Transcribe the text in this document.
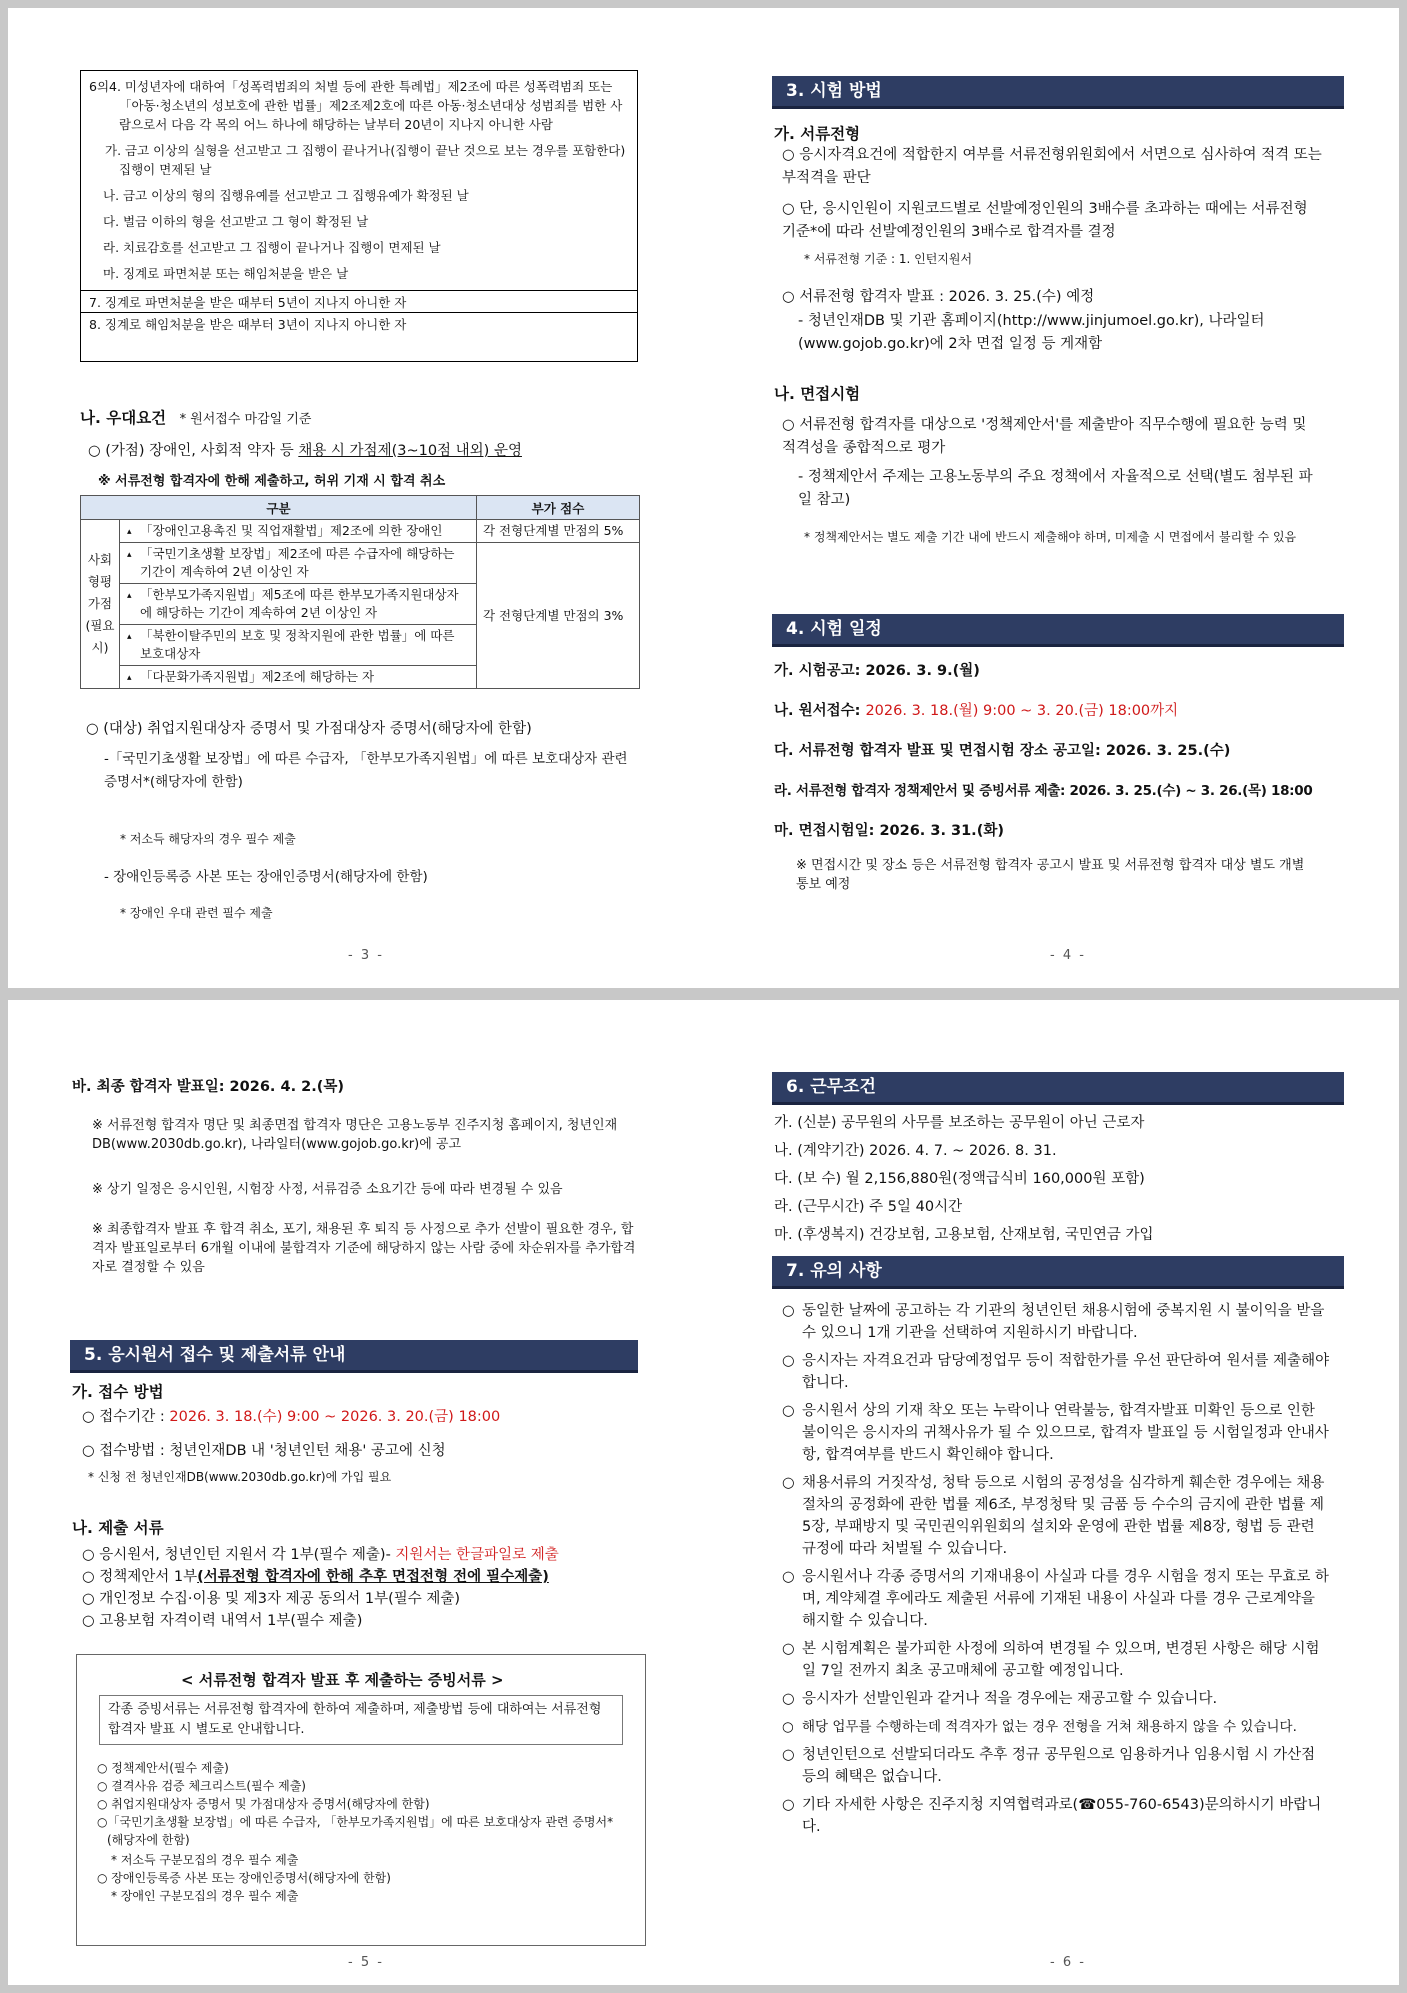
6의4. 미성년자에 대하여「성폭력범죄의 처벌 등에 관한 특례법」제2조에 따른 성폭력범죄 또는「아동·청소년의 성보호에 관한 법률」제2조제2호에 따른 아동·청소년대상 성범죄를 범한 사람으로서 다음 각 목의 어느 하나에 해당하는 날부터 20년이 지나지 아니한 사람
가. 금고 이상의 실형을 선고받고 그 집행이 끝나거나(집행이 끝난 것으로 보는 경우를 포함한다) 집행이 면제된 날
나. 금고 이상의 형의 집행유예를 선고받고 그 집행유예가 확정된 날
다. 벌금 이하의 형을 선고받고 그 형이 확정된 날
라. 치료감호를 선고받고 그 집행이 끝나거나 집행이 면제된 날
마. 징계로 파면처분 또는 해임처분을 받은 날
7. 징계로 파면처분을 받은 때부터 5년이 지나지 아니한 자
8. 징계로 해임처분을 받은 때부터 3년이 지나지 아니한 자
나. 우대요건 * 원서접수 마감일 기준
○ (가점) 장애인, 사회적 약자 등 채용 시 가점제(3~10점 내외) 운영
※ 서류전형 합격자에 한해 제출하고, 허위 기재 시 합격 취소
구분		부가 점수
사회형평가점(필요시)	▴ 「장애인고용촉진 및 직업재활법」제2조에 의한 장애인	각 전형단계별 만점의 5%

	▴ 「국민기초생활 보장법」제2조에 따른 수급자에 해당하는 기간이 계속하여 2년 이상인 자	각 전형단계별 만점의 3%

	▴ 「한부모가족지원법」제5조에 따른 한부모가족지원대상자에 해당하는 기간이 계속하여 2년 이상인 자	

	▴ 「북한이탈주민의 보호 및 정착지원에 관한 법률」에 따른 보호대상자	

	▴ 「다문화가족지원법」제2조에 해당하는 자	
○ (대상) 취업지원대상자 증명서 및 가점대상자 증명서(해당자에 한함)
-「국민기초생활 보장법」에 따른 수급자, 「한부모가족지원법」에 따른 보호대상자 관련 증명서*(해당자에 한함)
* 저소득 해당자의 경우 필수 제출
- 장애인등록증 사본 또는 장애인증명서(해당자에 한함)
* 장애인 우대 관련 필수 제출
- 3 -
3. 시험 방법
가. 서류전형
○ 응시자격요건에 적합한지 여부를 서류전형위원회에서 서면으로 심사하여 적격 또는 부적격을 판단
○ 단, 응시인원이 지원코드별로 선발예정인원의 3배수를 초과하는 때에는 서류전형 기준*에 따라 선발예정인원의 3배수로 합격자를 결정
* 서류전형 기준 : 1. 인턴지원서
○ 서류전형 합격자 발표 : 2026. 3. 25.(수) 예정
- 청년인재DB 및 기관 홈페이지(http://www.jinjumoel.go.kr), 나라일터(www.gojob.go.kr)에 2차 면접 일정 등 게재함
나. 면접시험
○ 서류전형 합격자를 대상으로 '정책제안서'를 제출받아 직무수행에 필요한 능력 및 적격성을 종합적으로 평가
- 정책제안서 주제는 고용노동부의 주요 정책에서 자율적으로 선택(별도 첨부된 파일 참고)
* 정책제안서는 별도 제출 기간 내에 반드시 제출해야 하며, 미제출 시 면접에서 불리할 수 있음
4. 시험 일정
가. 시험공고: 2026. 3. 9.(월)
나. 원서접수: 2026. 3. 18.(월) 9:00 ~ 3. 20.(금) 18:00까지
다. 서류전형 합격자 발표 및 면접시험 장소 공고일: 2026. 3. 25.(수)
라. 서류전형 합격자 정책제안서 및 증빙서류 제출: 2026. 3. 25.(수) ~ 3. 26.(목) 18:00
마. 면접시험일: 2026. 3. 31.(화)
※ 면접시간 및 장소 등은 서류전형 합격자 공고시 발표 및 서류전형 합격자 대상 별도 개별통보 예정
- 4 -
바. 최종 합격자 발표일: 2026. 4. 2.(목)
※ 서류전형 합격자 명단 및 최종면접 합격자 명단은 고용노동부 진주지청 홈페이지, 청년인재DB(www.2030db.go.kr), 나라일터(www.gojob.go.kr)에 공고
※ 상기 일정은 응시인원, 시험장 사정, 서류검증 소요기간 등에 따라 변경될 수 있음
※ 최종합격자 발표 후 합격 취소, 포기, 채용된 후 퇴직 등 사정으로 추가 선발이 필요한 경우, 합격자 발표일로부터 6개월 이내에 불합격자 기준에 해당하지 않는 사람 중에 차순위자를 추가합격자로 결정할 수 있음
5. 응시원서 접수 및 제출서류 안내
가. 접수 방법
○ 접수기간 : 2026. 3. 18.(수) 9:00 ~ 2026. 3. 20.(금) 18:00
○ 접수방법 : 청년인재DB 내 '청년인턴 채용' 공고에 신청
* 신청 전 청년인재DB(www.2030db.go.kr)에 가입 필요
나. 제출 서류
○ 응시원서, 청년인턴 지원서 각 1부(필수 제출)- 지원서는 한글파일로 제출
○ 정책제안서 1부(서류전형 합격자에 한해 추후 면접전형 전에 필수제출)
○ 개인정보 수집·이용 및 제3자 제공 동의서 1부(필수 제출)
○ 고용보험 자격이력 내역서 1부(필수 제출)
< 서류전형 합격자 발표 후 제출하는 증빙서류 >
각종 증빙서류는 서류전형 합격자에 한하여 제출하며, 제출방법 등에 대하여는 서류전형 합격자 발표 시 별도로 안내합니다.
○ 정책제안서(필수 제출)
○ 결격사유 검증 체크리스트(필수 제출)
○ 취업지원대상자 증명서 및 가점대상자 증명서(해당자에 한함)
○「국민기초생활 보장법」에 따른 수급자, 「한부모가족지원법」에 따른 보호대상자 관련 증명서*(해당자에 한함)
* 저소득 구분모집의 경우 필수 제출
○ 장애인등록증 사본 또는 장애인증명서(해당자에 한함)
* 장애인 구분모집의 경우 필수 제출
- 5 -
6. 근무조건
가. (신분) 공무원의 사무를 보조하는 공무원이 아닌 근로자
나. (계약기간) 2026. 4. 7. ~ 2026. 8. 31.
다. (보 수) 월 2,156,880원(정액급식비 160,000원 포함)
라. (근무시간) 주 5일 40시간
마. (후생복지) 건강보험, 고용보험, 산재보험, 국민연금 가입
7. 유의 사항
○ 동일한 날짜에 공고하는 각 기관의 청년인턴 채용시험에 중복지원 시 불이익을 받을 수 있으니 1개 기관을 선택하여 지원하시기 바랍니다.
○ 응시자는 자격요건과 담당예정업무 등이 적합한가를 우선 판단하여 원서를 제출해야 합니다.
○ 응시원서 상의 기재 착오 또는 누락이나 연락불능, 합격자발표 미확인 등으로 인한 불이익은 응시자의 귀책사유가 될 수 있으므로, 합격자 발표일 등 시험일정과 안내사항, 합격여부를 반드시 확인해야 합니다.
○ 채용서류의 거짓작성, 청탁 등으로 시험의 공정성을 심각하게 훼손한 경우에는 채용절차의 공정화에 관한 법률 제6조, 부정청탁 및 금품 등 수수의 금지에 관한 법률 제5장, 부패방지 및 국민권익위원회의 설치와 운영에 관한 법률 제8장, 형법 등 관련 규정에 따라 처벌될 수 있습니다.
○ 응시원서나 각종 증명서의 기재내용이 사실과 다를 경우 시험을 정지 또는 무효로 하며, 계약체결 후에라도 제출된 서류에 기재된 내용이 사실과 다를 경우 근로계약을 해지할 수 있습니다.
○ 본 시험계획은 불가피한 사정에 의하여 변경될 수 있으며, 변경된 사항은 해당 시험일 7일 전까지 최초 공고매체에 공고할 예정입니다.
○ 응시자가 선발인원과 같거나 적을 경우에는 재공고할 수 있습니다.
○ 해당 업무를 수행하는데 적격자가 없는 경우 전형을 거쳐 채용하지 않을 수 있습니다.
○ 청년인턴으로 선발되더라도 추후 정규 공무원으로 임용하거나 임용시험 시 가산점 등의 혜택은 없습니다.
○ 기타 자세한 사항은 진주지청 지역협력과로(☎055-760-6543)문의하시기 바랍니다.
- 6 -
